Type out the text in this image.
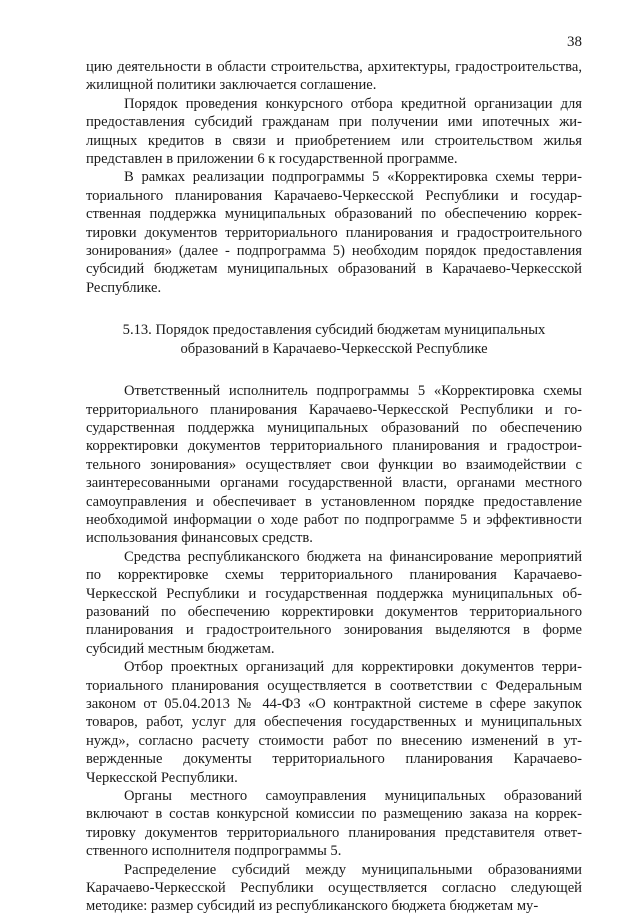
38

цию деятельности в области строительства, архитектуры, градостроительства, жилищной политики заключается соглашение.

Порядок проведения конкурсного отбора кредитной организации для предоставления субсидий гражданам при получении ими ипотечных жилищных кредитов в связи и приобретением или строительством жилья представлен в приложении 6 к государственной программе.

В рамках реализации подпрограммы 5 «Корректировка схемы территориального планирования Карачаево-Черкесской Республики и государственная поддержка муниципальных образований по обеспечению корректировки документов территориального планирования и градостроительного зонирования» (далее - подпрограмма 5) необходим порядок предоставления субсидий бюджетам муниципальных образований в Карачаево-Черкесской Республике.

5.13. Порядок предоставления субсидий бюджетам муниципальных образований в Карачаево-Черкесской Республике

Ответственный исполнитель подпрограммы 5 «Корректировка схемы территориального планирования Карачаево-Черкесской Республики и государственная поддержка муниципальных образований по обеспечению корректировки документов территориального планирования и градостроительного зонирования» осуществляет свои функции во взаимодействии с заинтересованными органами государственной власти, органами местного самоуправления и обеспечивает в установленном порядке предоставление необходимой информации о ходе работ по подпрограмме 5 и эффективности использования финансовых средств.

Средства республиканского бюджета на финансирование мероприятий по корректировке схемы территориального планирования Карачаево-Черкесской Республики и государственная поддержка муниципальных образований по обеспечению корректировки документов территориального планирования и градостроительного зонирования выделяются в форме субсидий местным бюджетам.

Отбор проектных организаций для корректировки документов территориального планирования осуществляется в соответствии с Федеральным законом от 05.04.2013 № 44-ФЗ «О контрактной системе в сфере закупок товаров, работ, услуг для обеспечения государственных и муниципальных нужд», согласно расчету стоимости работ по внесению изменений в утвержденные документы территориального планирования Карачаево-Черкесской Республики.

Органы местного самоуправления муниципальных образований включают в состав конкурсной комиссии по размещению заказа на корректировку документов территориального планирования представителя ответственного исполнителя подпрограммы 5.

Распределение субсидий между муниципальными образованиями Карачаево-Черкесской Республики осуществляется согласно следующей методике: размер субсидий из республиканского бюджета бюджетам му-
